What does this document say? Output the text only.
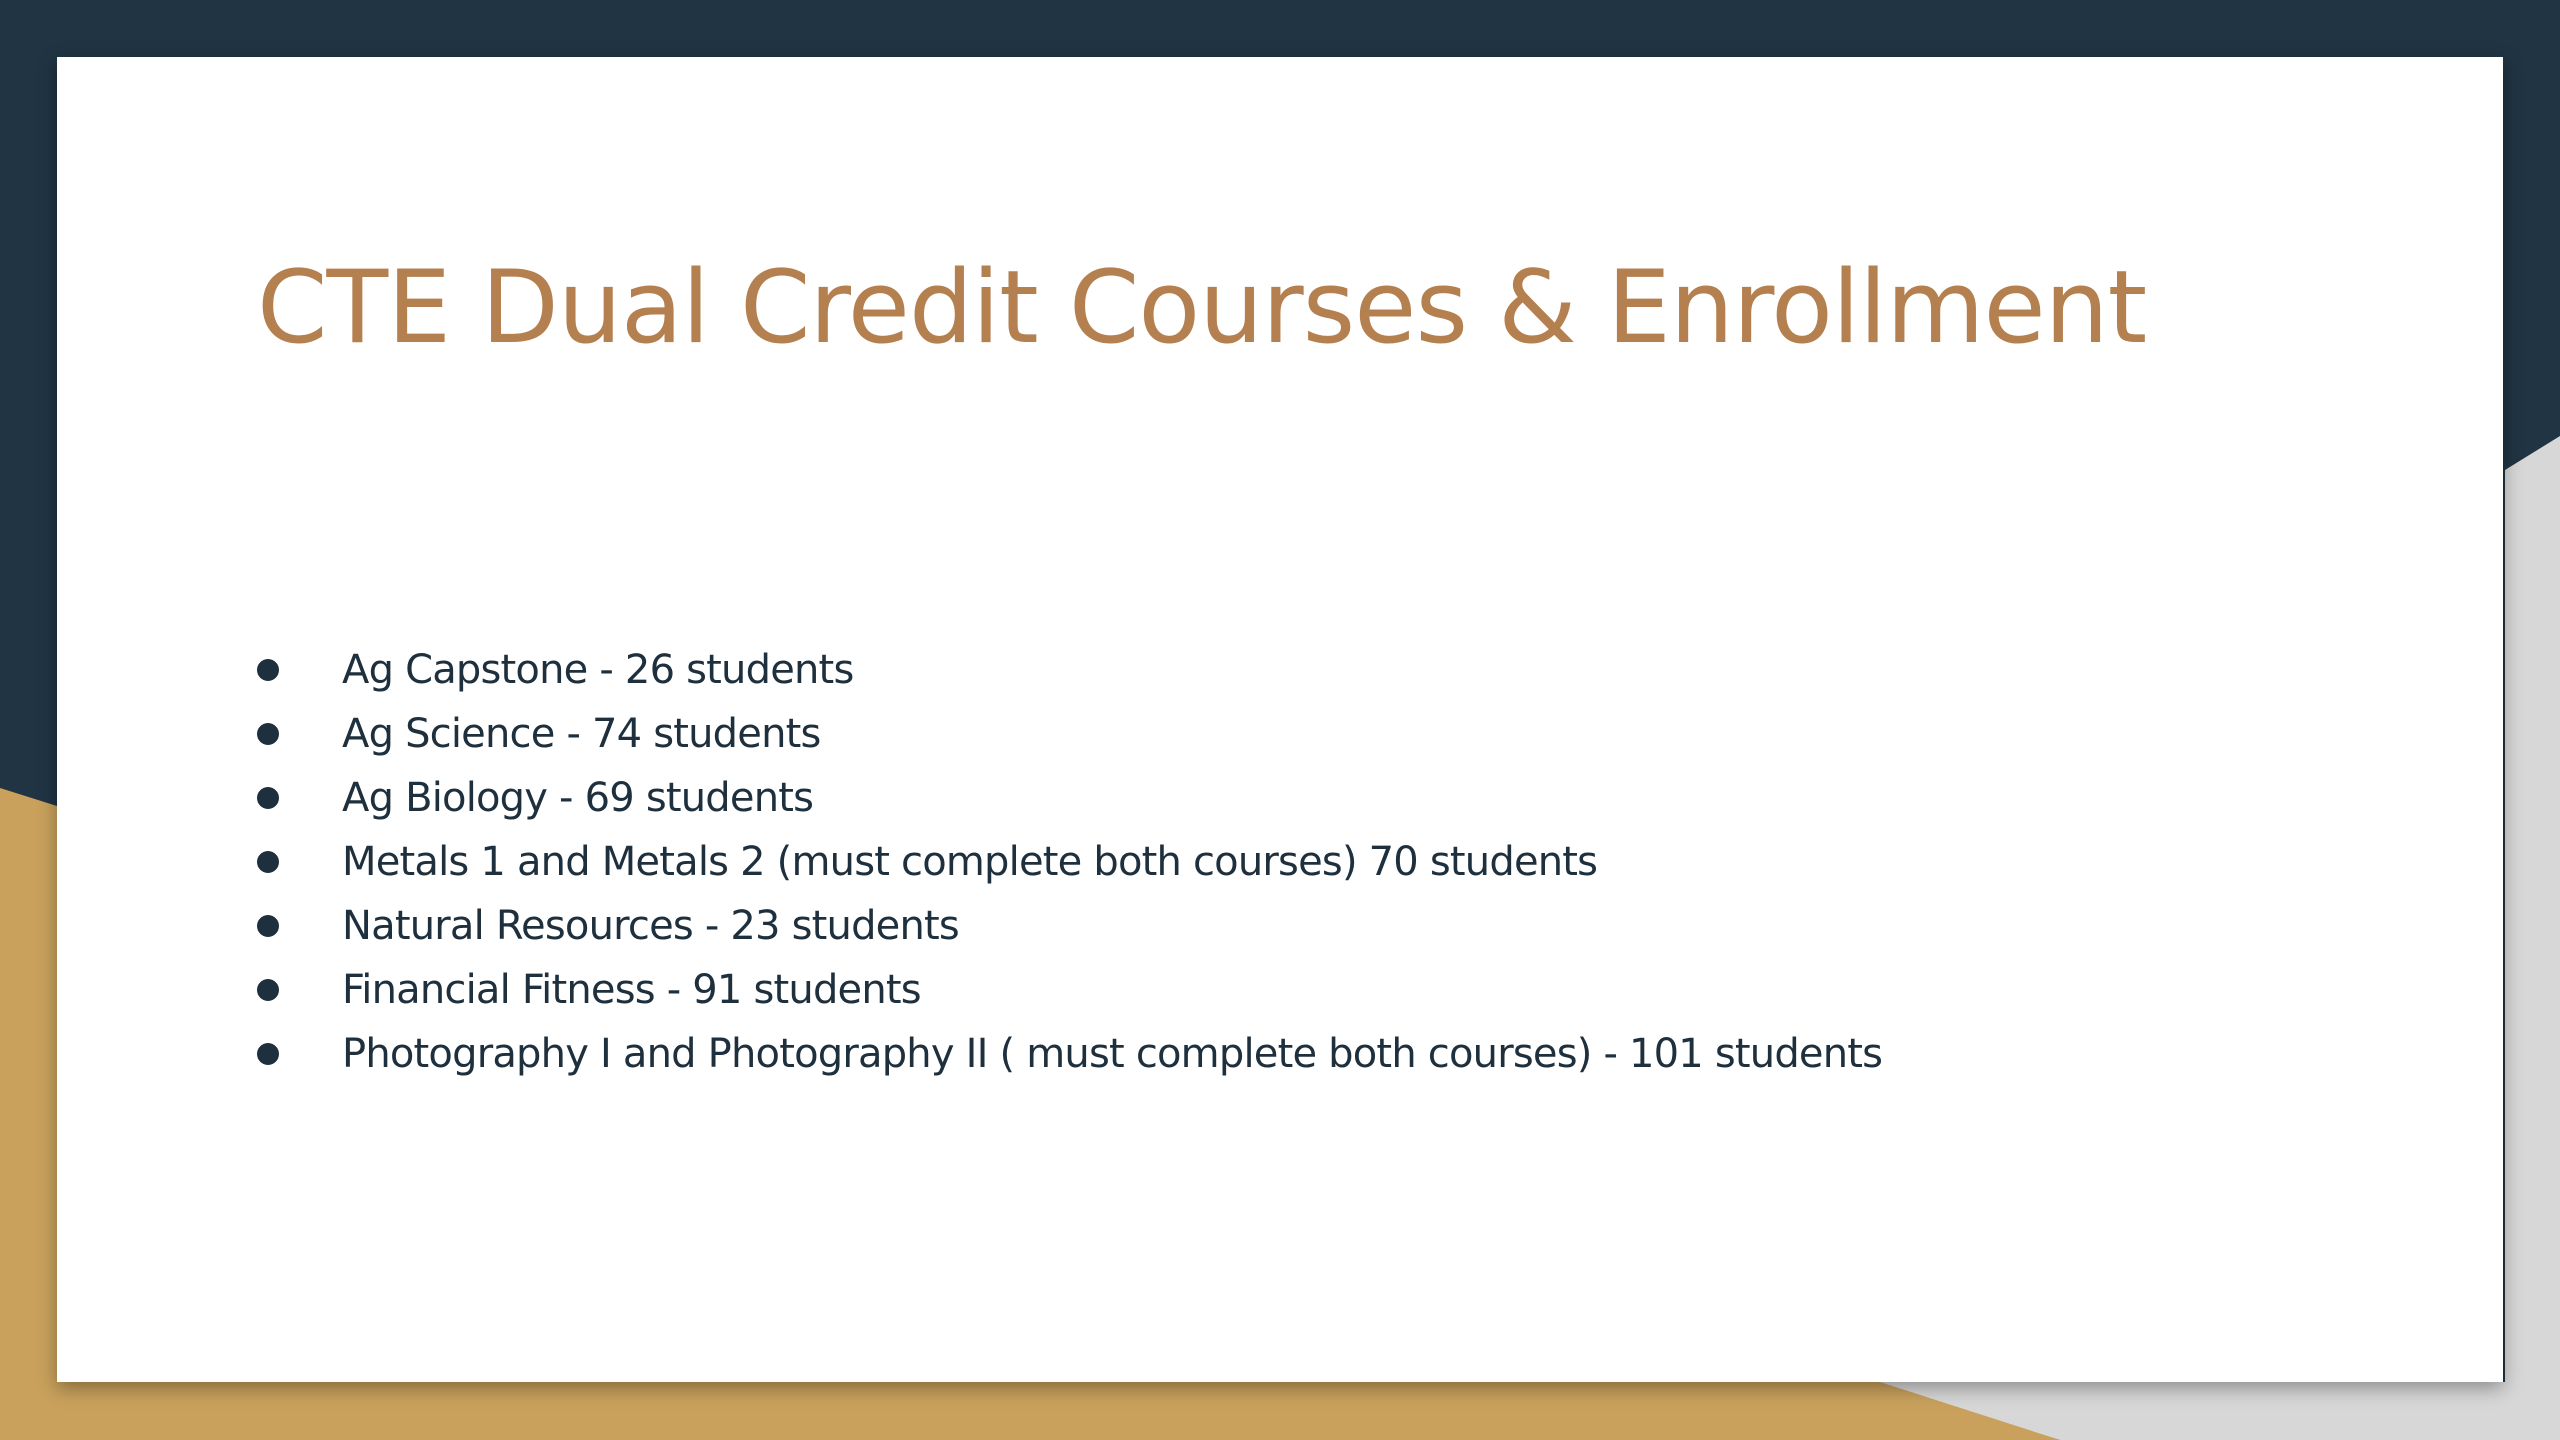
CTE Dual Credit Courses & Enrollment
Ag Capstone - 26 students
Ag Science - 74 students
Ag Biology - 69 students
Metals 1 and Metals 2 (must complete both courses) 70 students
Natural Resources - 23 students
Financial Fitness - 91 students
Photography I and Photography II ( must complete both courses) - 101 students
